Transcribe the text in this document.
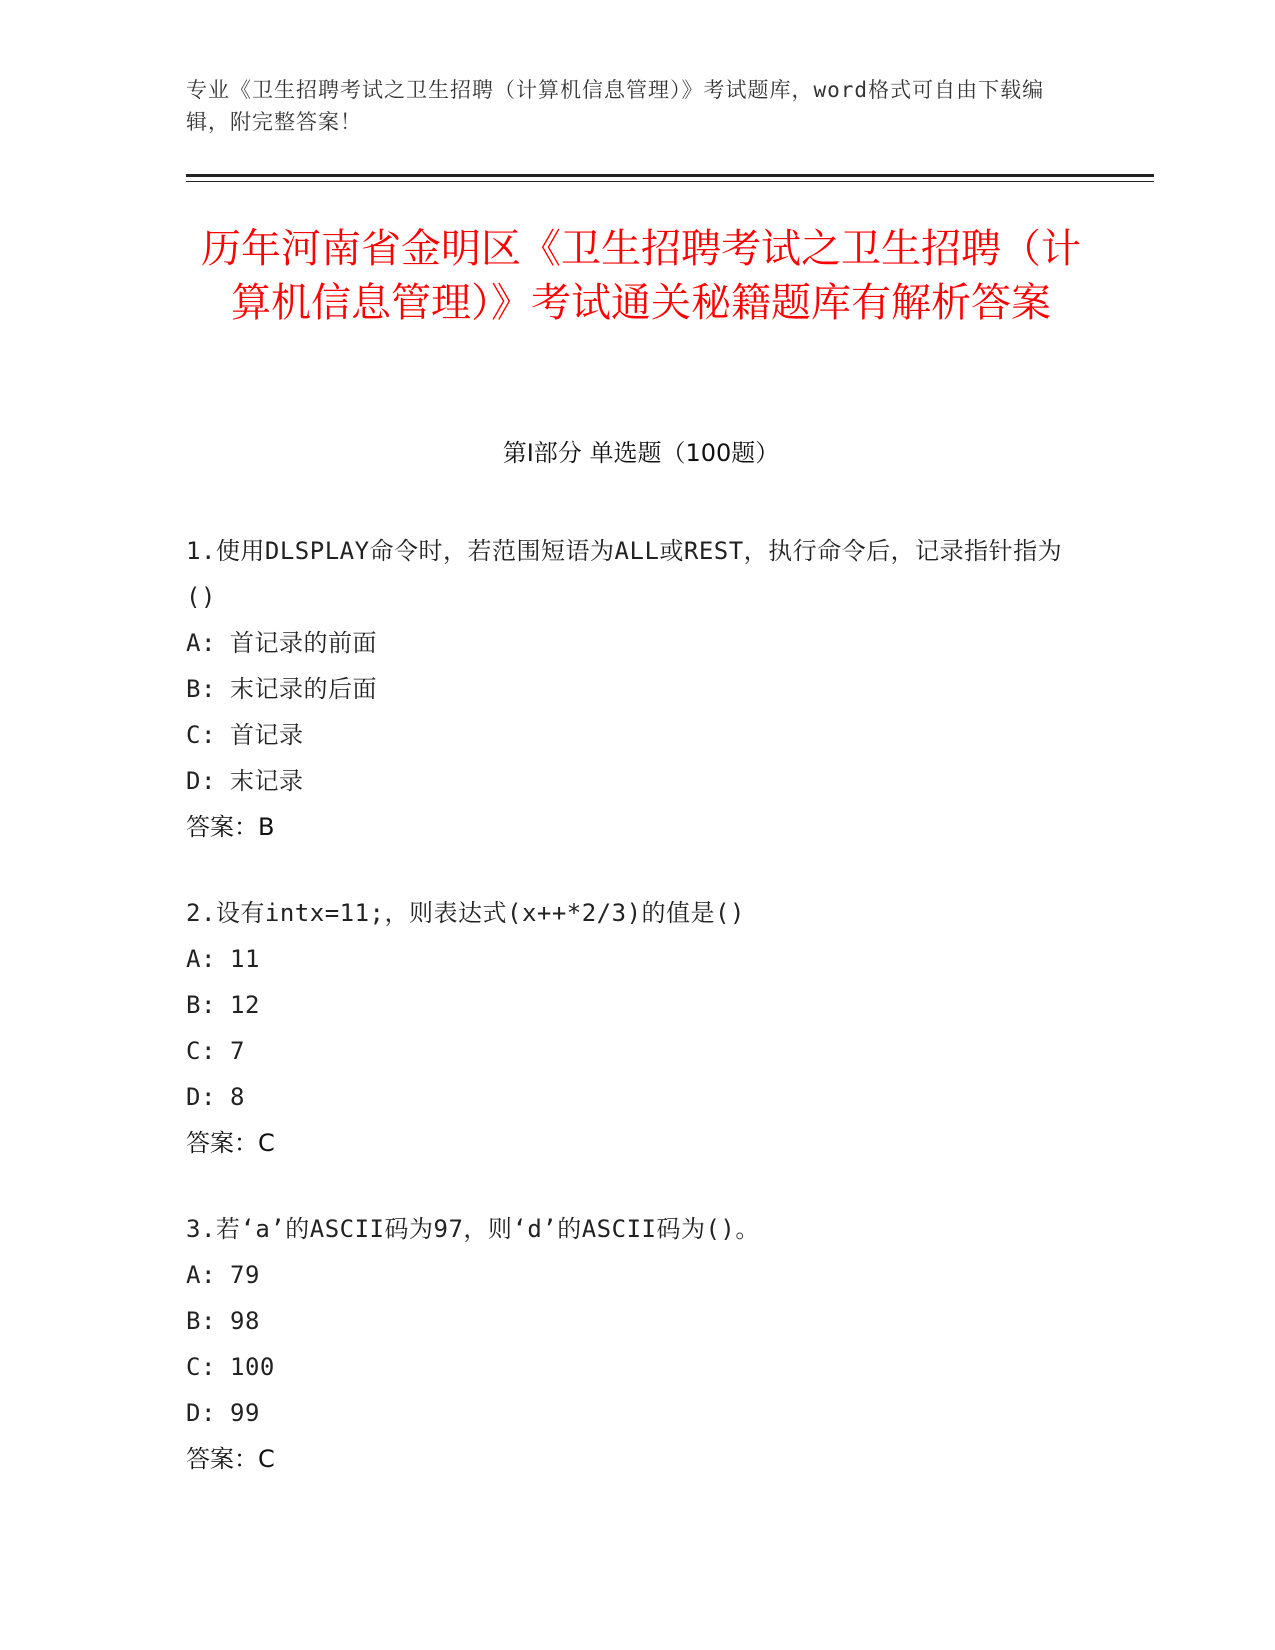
专业《卫生招聘考试之卫生招聘（计算机信息管理）》考试题库，word格式可自由下载编辑，附完整答案！
历年河南省金明区《卫生招聘考试之卫生招聘（计算机信息管理）》考试通关秘籍题库有解析答案
第I部分 单选题（100题）
1.使用DLSPLAY命令时，若范围短语为ALL或REST，执行命令后，记录指针指为()
A: 首记录的前面
B: 末记录的后面
C: 首记录
D: 末记录
答案：B
2.设有intx=11;，则表达式(x++*2/3)的值是()
A: 11
B: 12
C: 7
D: 8
答案：C
3.若‘a’的ASCII码为97，则‘d’的ASCII码为()。
A: 79
B: 98
C: 100
D: 99
答案：C
